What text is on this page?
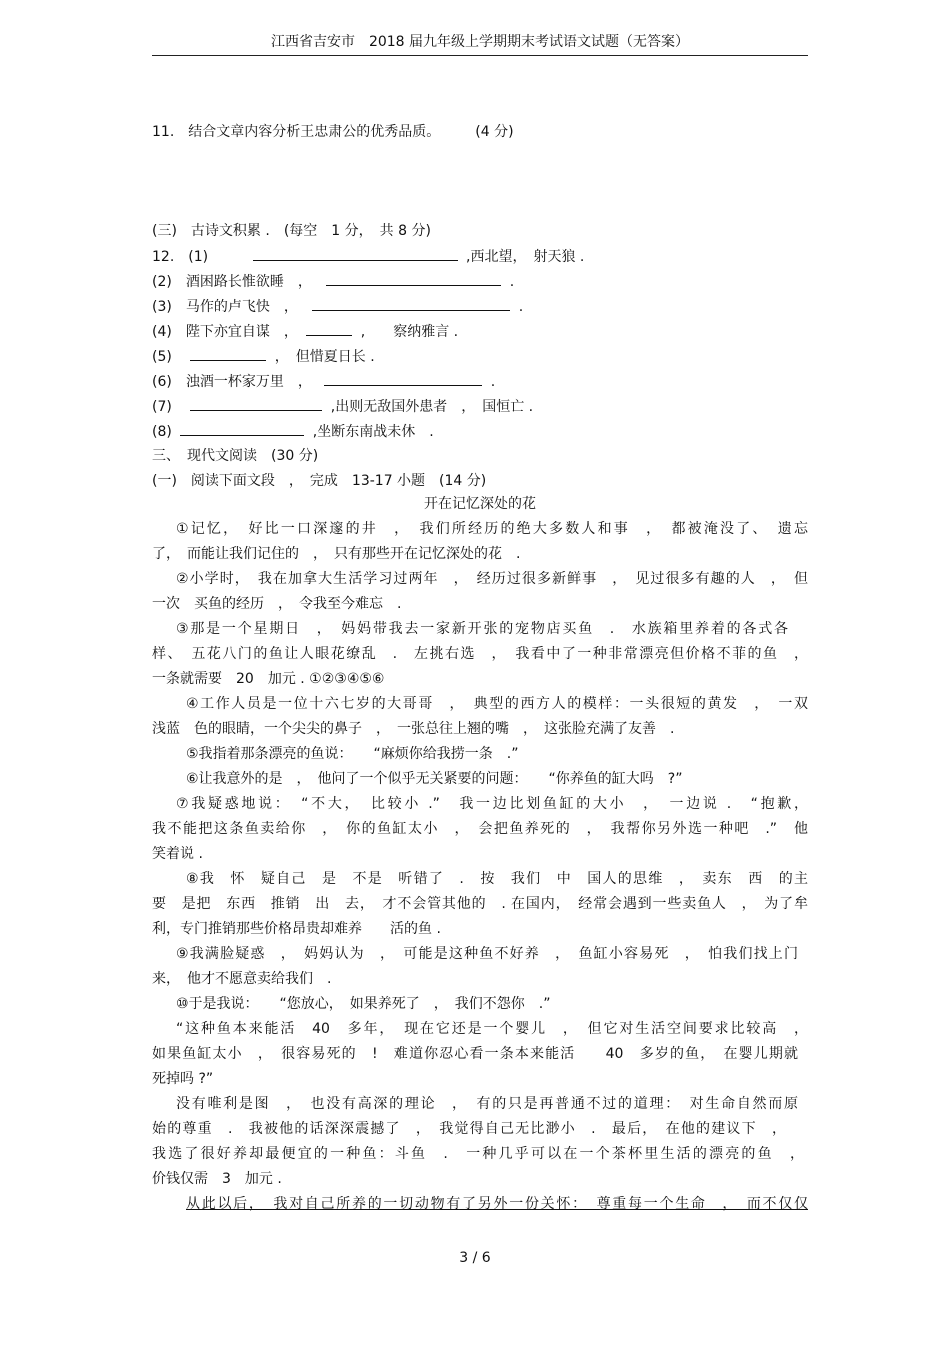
江西省吉安市　2018 届九年级上学期期末考试语文试题（无答案）
11.　结合文章内容分析王忠肃公的优秀品质。　　　(4 分)
(三)　古诗文积累 .　(每空　1 分，　共 8 分)
12.　(1)	,西北望，　射天狼 .
(2)　酒困路长惟欲睡　，	.
(3)　马作的卢飞快　，	.
(4)　陛下亦宜自谋　，	,　　察纳雅言 .
(5)	，　但惜夏日长 .
(6)　浊酒一杯家万里　，	.
(7)	,出则无敌国外患者　，　国恒亡 .
(8)	,坐断东南战未休　.
三、　现代文阅读　(30 分)
(一)　阅读下面文段　，　完成　13-17 小题　(14 分)
开在记忆深处的花
①记忆，　好比一口深邃的井　，　我们所经历的绝大多数人和事　，　都被淹没了、　遗忘
了，　而能让我们记住的　，　只有那些开在记忆深处的花　.
②小学时，　我在加拿大生活学习过两年　，　经历过很多新鲜事　，　见过很多有趣的人　，　但
一次　买鱼的经历　，　令我至今难忘　.
③那是一个星期日　，　妈妈带我去一家新开张的宠物店买鱼　.　水族箱里养着的各式各
样、　五花八门的鱼让人眼花缭乱　.　左挑右选　，　我看中了一种非常漂亮但价格不菲的鱼　，
一条就需要　20　加元 . ①②③④⑤⑥
④工作人员是一位十六七岁的大哥哥　，　典型的西方人的模样：一头很短的黄发　，　一双
浅蓝　色的眼睛，一个尖尖的鼻子　，　一张总往上翘的嘴　，　这张脸充满了友善　.
⑤我指着那条漂亮的鱼说：　　“麻烦你给我捞一条　.”
⑥让我意外的是　，　他问了一个似乎无关紧要的问题：　　“你养鱼的缸大吗　?”
⑦我疑惑地说：　“不大，　比较小 .”　我一边比划鱼缸的大小　，　一边说 .　“抱歉，
我不能把这条鱼卖给你　，　你的鱼缸太小　，　会把鱼养死的　，　我帮你另外选一种吧　.”　他
笑着说 .
⑧我　怀　疑自己　是　不是　听错了　.　按　我们　中　国人的思维　，　卖东　西　的主
要　是把　东西　推销　出　去，　才不会管其他的　. 在国内，　经常会遇到一些卖鱼人　，　为了牟
利，专门推销那些价格昂贵却难养　　活的鱼 .
⑨我满脸疑惑　，　妈妈认为　，　可能是这种鱼不好养　，　鱼缸小容易死　，　怕我们找上门
来，　他才不愿意卖给我们　.
⑩于是我说：　　“您放心，　如果养死了　，　我们不怨你　.”
“这种鱼本来能活　40　多年，　现在它还是一个婴儿　，　但它对生活空间要求比较高　，
如果鱼缸太小　，　很容易死的　!　难道你忍心看一条本来能活　　40　多岁的鱼，　在婴儿期就
死掉吗 ?”
没有唯利是图　，　也没有高深的理论　，　有的只是再普通不过的道理：　对生命自然而原
始的尊重　.　我被他的话深深震撼了　，　我觉得自己无比渺小　.　最后，　在他的建议下　，
我选了很好养却最便宜的一种鱼：斗鱼　.　一种几乎可以在一个茶杯里生活的漂亮的鱼　，
价钱仅需　3　加元 .
从此以后，　我对自己所养的一切动物有了另外一份关怀：　尊重每一个生命　，　而不仅仅
3 / 6
